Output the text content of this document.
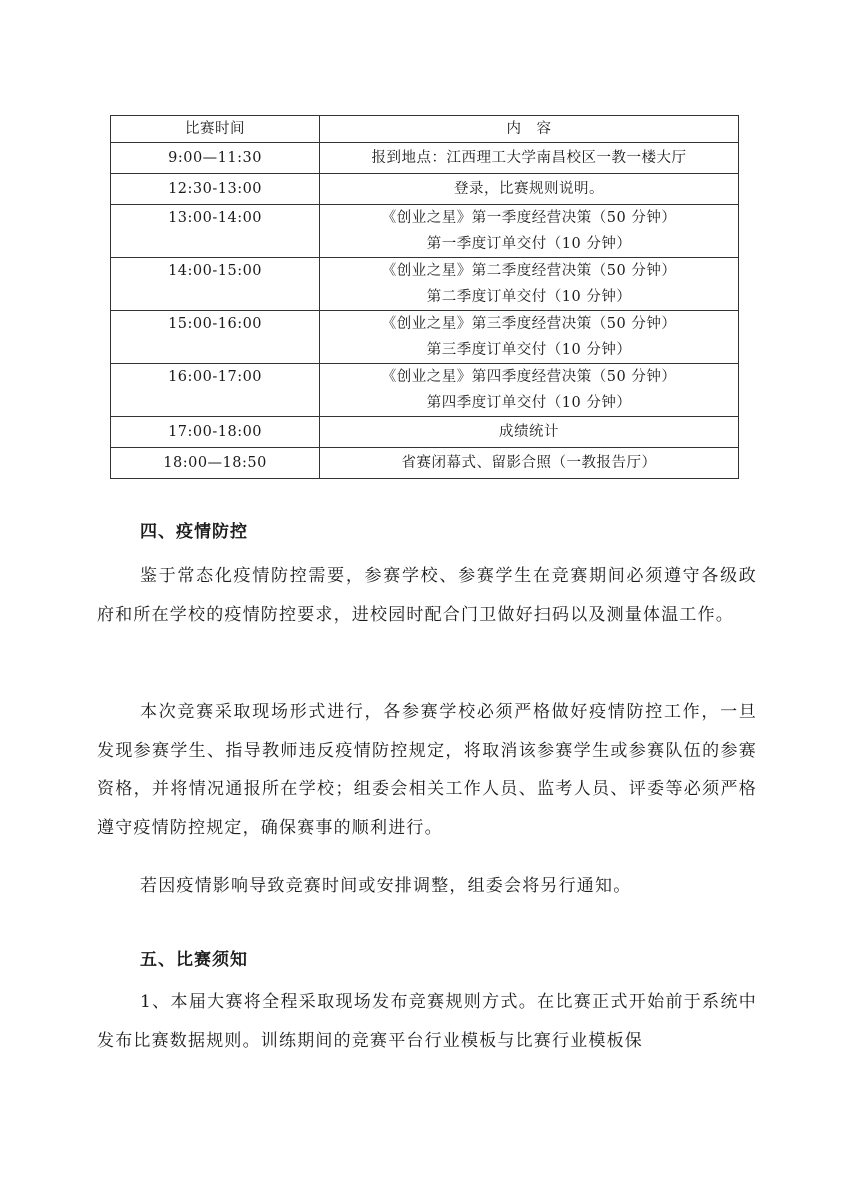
比赛时间	内　容
9:00—11:30	报到地点：江西理工大学南昌校区一教一楼大厅
12:30-13:00	登录，比赛规则说明。
13:00-14:00	《创业之星》第一季度经营决策（50 分钟）
第一季度订单交付（10 分钟）

14:00-15:00	《创业之星》第二季度经营决策（50 分钟）
第二季度订单交付（10 分钟）

15:00-16:00	《创业之星》第三季度经营决策（50 分钟）
第三季度订单交付（10 分钟）

16:00-17:00	《创业之星》第四季度经营决策（50 分钟）
第四季度订单交付（10 分钟）

17:00-18:00	成绩统计
18:00—18:50	省赛闭幕式、留影合照（一教报告厅）
四、疫情防控
鉴于常态化疫情防控需要，参赛学校、参赛学生在竞赛期间必须遵守各级政府和所在学校的疫情防控要求，进校园时配合门卫做好扫码以及测量体温工作。
本次竞赛采取现场形式进行，各参赛学校必须严格做好疫情防控工作，一旦发现参赛学生、指导教师违反疫情防控规定，将取消该参赛学生或参赛队伍的参赛资格，并将情况通报所在学校；组委会相关工作人员、监考人员、评委等必须严格遵守疫情防控规定，确保赛事的顺利进行。
若因疫情影响导致竞赛时间或安排调整，组委会将另行通知。
五、比赛须知
1、本届大赛将全程采取现场发布竞赛规则方式。在比赛正式开始前于系统中发布比赛数据规则。训练期间的竞赛平台行业模板与比赛行业模板保
